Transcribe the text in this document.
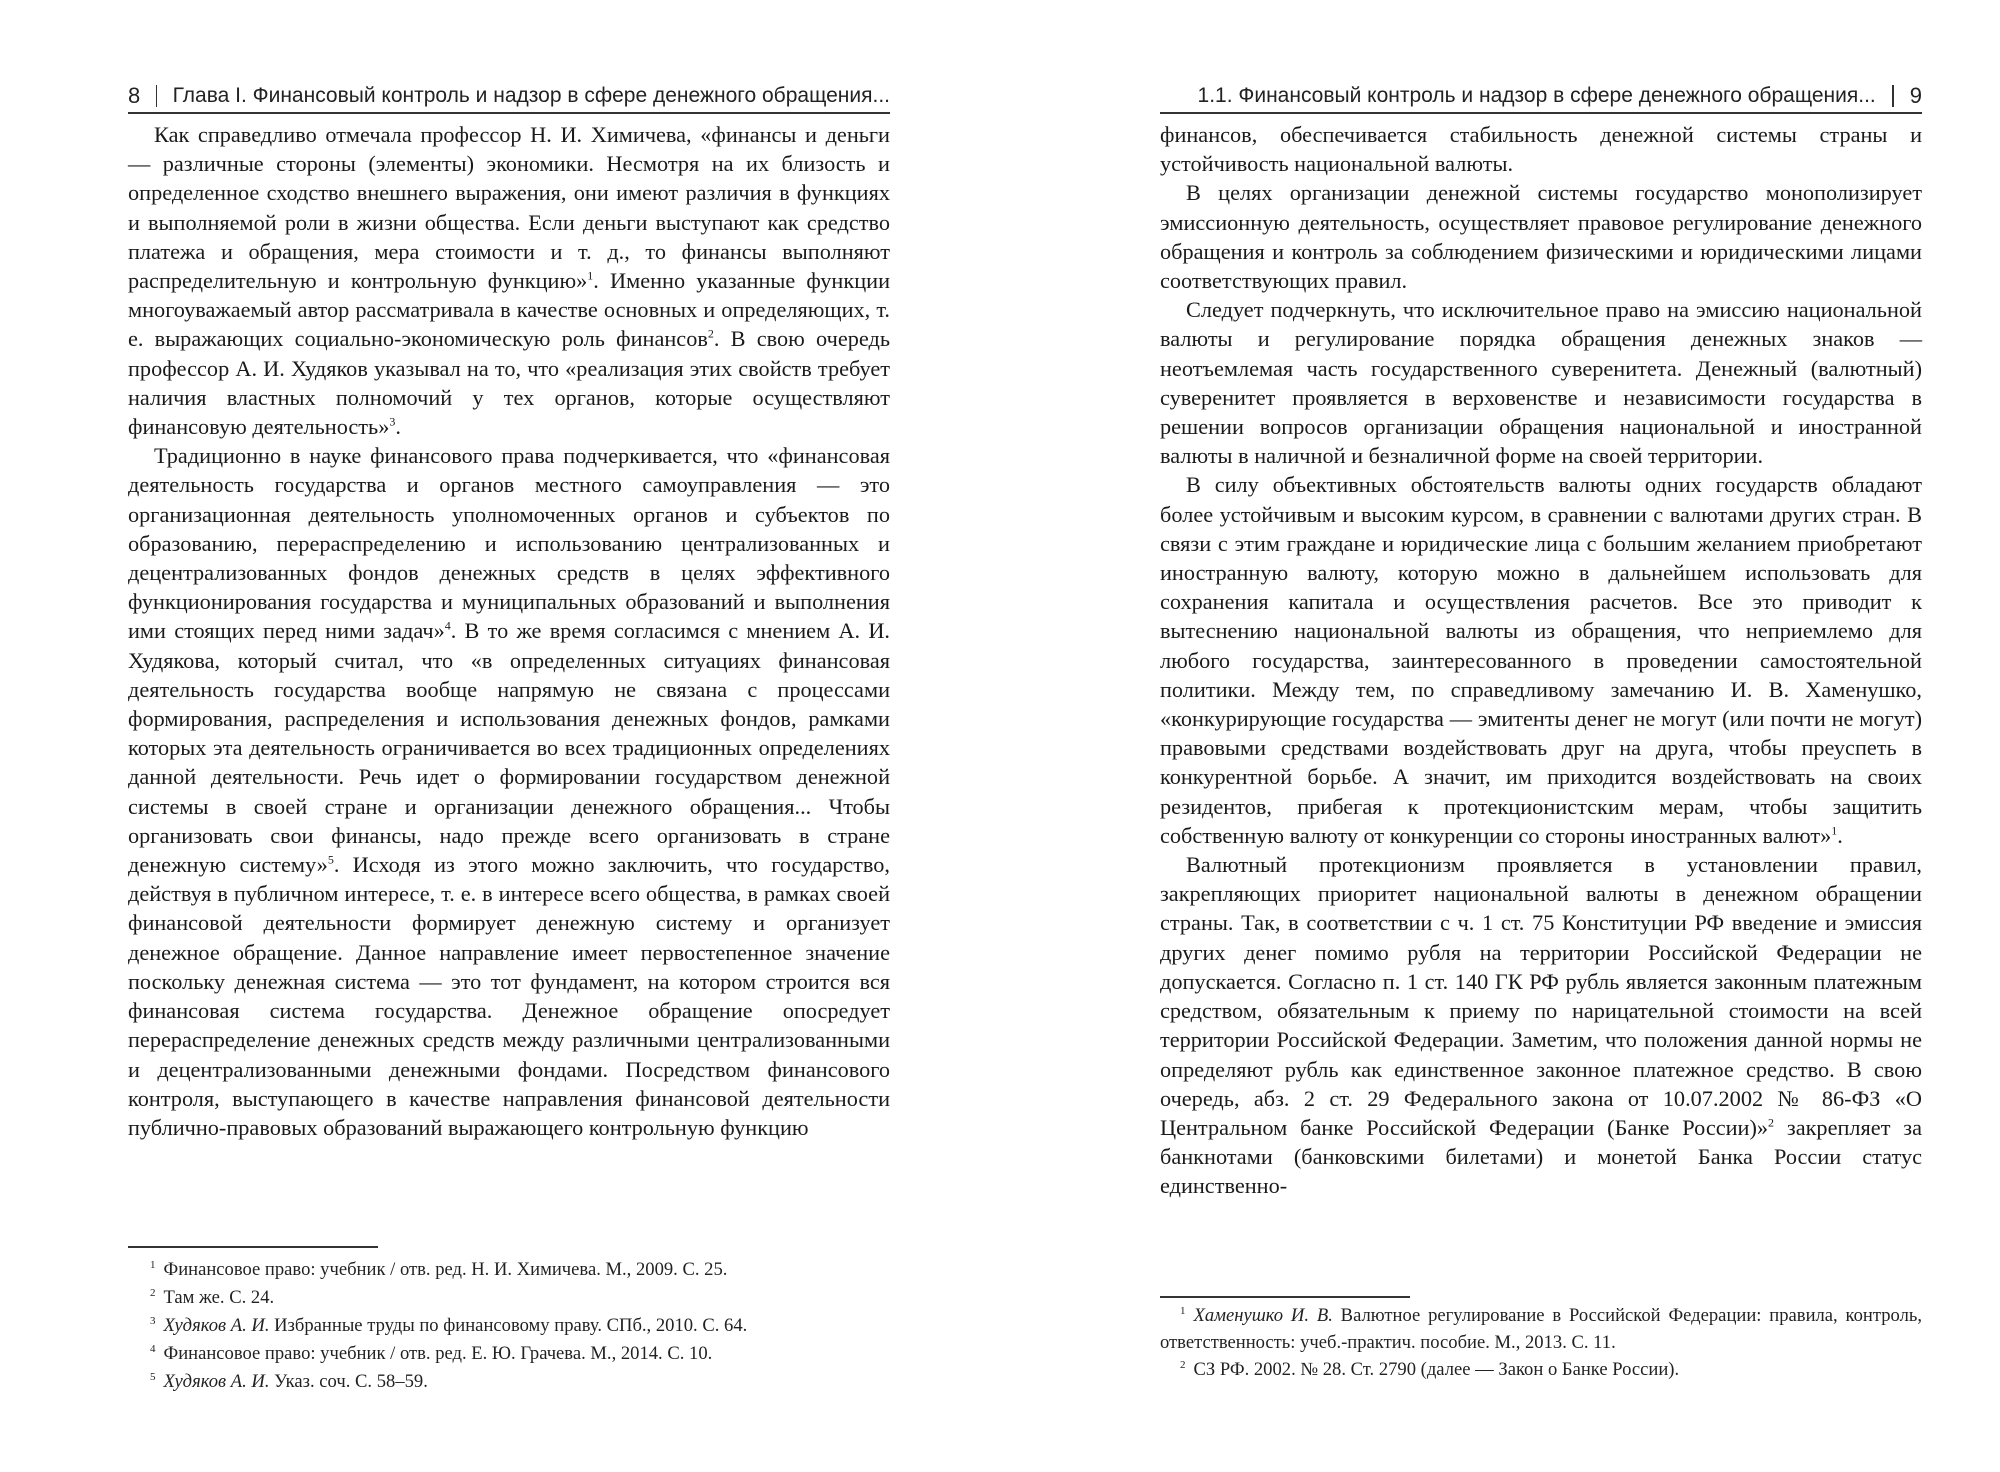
8 Глава I. Финансовый контроль и надзор в сфере денежного обращения...

Как справедливо отмечала профессор Н. И. Химичева, «финансы и деньги — различные стороны (элементы) экономики. Несмотря на их близость и определенное сходство внешнего выражения, они имеют различия в функциях и выполняемой роли в жизни общества. Если деньги выступают как средство платежа и обращения, мера стоимости и т. д., то финансы выполняют распределительную и контрольную функцию»$^1$. Именно указанные функции многоуважаемый автор рассматривала в качестве основных и определяющих, т. е. выражающих социально-экономическую роль финансов$^2$. В свою очередь профессор А. И. Худяков указывал на то, что «реализация этих свойств требует наличия властных полномочий у тех органов, которые осуществляют финансовую деятельность»$^3$.

Традиционно в науке финансового права подчеркивается, что «финансовая деятельность государства и органов местного самоуправления — это организационная деятельность уполномоченных органов и субъектов по образованию, перераспределению и использованию централизованных и децентрализованных фондов денежных средств в целях эффективного функционирования государства и муниципальных образований и выполнения ими стоящих перед ними задач»$^4$. В то же время согласимся с мнением А. И. Худякова, который считал, что «в определенных ситуациях финансовая деятельность государства вообще напрямую не связана с процессами формирования, распределения и использования денежных фондов, рамками которых эта деятельность ограничивается во всех традиционных определениях данной деятельности. Речь идет о формировании государством денежной системы в своей стране и организации денежного обращения... Чтобы организовать свои финансы, надо прежде всего организовать в стране денежную систему»$^5$. Исходя из этого можно заключить, что государство, действуя в публичном интересе, т. е. в интересе всего общества, в рамках своей финансовой деятельности формирует денежную систему и организует денежное обращение. Данное направление имеет первостепенное значение поскольку денежная система — это тот фундамент, на котором строится вся финансовая система государства. Денежное обращение опосредует перераспределение денежных средств между различными централизованными и децентрализованными денежными фондами. Посредством финансового контроля, выступающего в качестве направления финансовой деятельности публично-правовых образований выражающего контрольную функцию

$^1$ Финансовое право: учебник / отв. ред. Н. И. Химичева. М., 2009. С. 25.

$^2$ Там же. С. 24.

$^3$ Худяков А. И. Избранные труды по финансовому праву. СПб., 2010. С. 64.

$^4$ Финансовое право: учебник / отв. ред. Е. Ю. Грачева. М., 2014. С. 10.

$^5$ Худяков А. И. Указ. соч. С. 58–59.

1.1. Финансовый контроль и надзор в сфере денежного обращения... 9

финансов, обеспечивается стабильность денежной системы страны и устойчивость национальной валюты.

В целях организации денежной системы государство монополизирует эмиссионную деятельность, осуществляет правовое регулирование денежного обращения и контроль за соблюдением физическими и юридическими лицами соответствующих правил.

Следует подчеркнуть, что исключительное право на эмиссию национальной валюты и регулирование порядка обращения денежных знаков — неотъемлемая часть государственного суверенитета. Денежный (валютный) суверенитет проявляется в верховенстве и независимости государства в решении вопросов организации обращения национальной и иностранной валюты в наличной и безналичной форме на своей территории.

В силу объективных обстоятельств валюты одних государств обладают более устойчивым и высоким курсом, в сравнении с валютами других стран. В связи с этим граждане и юридические лица с большим желанием приобретают иностранную валюту, которую можно в дальнейшем использовать для сохранения капитала и осуществления расчетов. Все это приводит к вытеснению национальной валюты из обращения, что неприемлемо для любого государства, заинтересованного в проведении самостоятельной политики. Между тем, по справедливому замечанию И. В. Хаменушко, «конкурирующие государства — эмитенты денег не могут (или почти не могут) правовыми средствами воздействовать друг на друга, чтобы преуспеть в конкурентной борьбе. А значит, им приходится воздействовать на своих резидентов, прибегая к протекционистским мерам, чтобы защитить собственную валюту от конкуренции со стороны иностранных валют»$^1$.

Валютный протекционизм проявляется в установлении правил, закрепляющих приоритет национальной валюты в денежном обращении страны. Так, в соответствии с ч. 1 ст. 75 Конституции РФ введение и эмиссия других денег помимо рубля на территории Российской Федерации не допускается. Согласно п. 1 ст. 140 ГК РФ рубль является законным платежным средством, обязательным к приему по нарицательной стоимости на всей территории Российской Федерации. Заметим, что положения данной нормы не определяют рубль как единственное законное платежное средство. В свою очередь, абз. 2 ст. 29 Федерального закона от 10.07.2002 № 86-ФЗ «О Центральном банке Российской Федерации (Банке России)»$^2$ закрепляет за банкнотами (банковскими билетами) и монетой Банка России статус единственно-

$^1$ Хаменушко И. В. Валютное регулирование в Российской Федерации: правила, контроль, ответственность: учеб.-практич. пособие. М., 2013. С. 11.

$^2$ СЗ РФ. 2002. № 28. Ст. 2790 (далее — Закон о Банке России).
